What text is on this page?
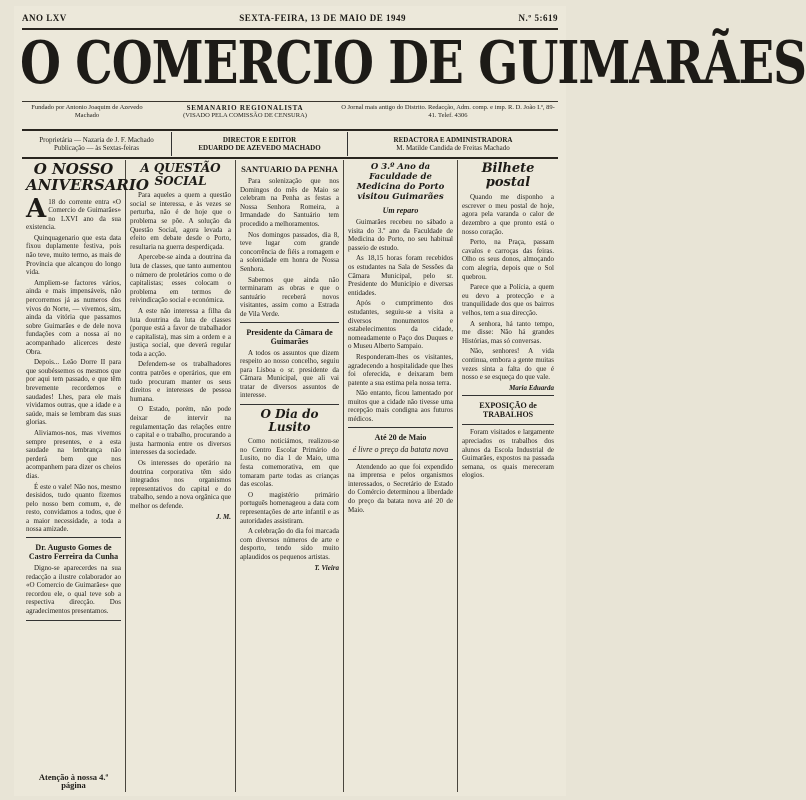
ANO LXV	SEXTA-FEIRA, 13 DE MAIO DE 1949	N.º 5:619
O COMERCIO DE GUIMARÃES
Fundado por Antonio Joaquim de Azevedo Machado
SEMANARIO REGIONALISTA
(VISADO PELA COMISSÃO DE CENSURA)
O Jornal mais antigo do Distrito. Redacção, Adm. comp. e imp. R. D. João I.º, 89-41. Telef. 4306
Proprietária — Nazaria de J. F. Machado
Publicação — às Sextas-feiras
DIRECTOR E EDITOR
EDUARDO DE AZEVEDO MACHADO
REDACTORA E ADMINISTRADORA
M. Matilde Candida de Freitas Machado
O NOSSO ANIVERSARIO

A 18 do corrente entra «O Comercio de Guimarães» no LXVI ano da sua existencia.

Quinquagenario que esta data fixou duplamente festiva, pois não teve, muito termo, as mais de Província que alcançou do longo vida.

Ampliem-se factores vários, ainda e mais impensáveis, não percorremos já as numeros dos vivos do Norte, — vivemos, sim, ainda da vitória que passamos sobre Guimarães e de dele nova fundações com a nossa aí no acompanhado alicerces deste Obra.

Depois... Leão Dorre II para que soubéssemos os mesmos que por aqui tem passado, e que têm brevemente recordemos e saudades! Lhes, para ele mais vividamos outras, que a idade e a saúde, mais se lembram das suas glorias.

Aliviamos-nos, mas vivemos sempre presentes, e a esta saudade na lembrança não perderá bem que nos acompanhem para dizer os cheios dias.

É este o vale! Não nos, mesmo desisidos, tudo quanto fizemos pelo nosso bem comum, e, de resto, convidamos a todos, que é a maior necessidade, a toda a nossa amizade.

Dr. Augusto Gomes de Castro Ferreira da Cunha

Digno-se aparecerdes na sua redacção a ilustre colaborador ao «O Comercio de Guimarães» que recordou ele, o qual teve sob a respectiva direcção. Dos agradecimentos presentamos.

Atenção à nossa 4.ª página
A QUESTÃO SOCIAL

Para aqueles a quem a questão social se interessa, e às vezes se perturba, não é de hoje que o problema se põe. A solução da Questão Social, agora levada a efeito em debate desde o Porto, resultaria na guerra desperdiçada.

Apercebe-se ainda a doutrina da luta de classes, que tanto aumentou o número de proletários como o de capitalistas; esses colocam o problema em termos de reivindicação social e económica.

A este não interessa a filha da luta doutrina da luta de classes (porque está a favor de trabalhador e capitalista), mas sim a ordem e a justiça social, que deverá regular toda a acção.

Defendem-se os trabalhadores contra patrões e operários, que em tudo procuram manter os seus direitos e interesses de pessoa humana.

O Estado, porém, não pode deixar de intervir na regulamentação das relações entre o capital e o trabalho, procurando a justa harmonia entre os diversos interesses da sociedade.

Os interesses do operário na doutrina corporativa têm sido integrados nos organismos representativos do capital e do trabalho, sendo a nova orgânica que melhor os defende.

J. M.
SANTUARIO DA PENHA

Para solenização que nos Domingos do mês de Maio se celebram na Penha as festas a Nossa Senhora Romeira, a Irmandade do Santuário tem procedido a melhoramentos.

Nos domingos passados, dia 8, teve lugar com grande concorrência de fiéis a romagem e a solenidade em honra de Nossa Senhora.

Sabemos que ainda não terminaram as obras e que o santuário receberá novos visitantes, assim como a Estrada de Vila Verde.

Presidente da Câmara de Guimarães

A todos os assuntos que dizem respeito ao nosso concelho, seguiu para Lisboa o sr. presidente da Câmara Municipal, que ali vai tratar de diversos assuntos de interesse.

O Dia do Lusito

Como noticiámos, realizou-se no Centro Escolar Primário do Lusito, no dia 1 de Maio, uma festa comemorativa, em que tomaram parte todas as crianças das escolas.

O magistério primário português homenageou a data com representações de arte infantil e as autoridades assistiram.

A celebração do dia foi marcada com diversos números de arte e desporto, tendo sido muito aplaudidos os pequenos artistas.

T. Vieira
O 3.º Ano da Faculdade de Medicina do Porto visitou Guimarães
Um reparo

Guimarães recebeu no sábado a visita do 3.º ano da Faculdade de Medicina do Porto, no seu habitual passeio de estudo.

As 18,15 horas foram recebidos os estudantes na Sala de Sessões da Câmara Municipal, pelo sr. Presidente do Município e diversas entidades.

Após o cumprimento dos estudantes, seguiu-se a visita a diversos monumentos e estabelecimentos da cidade, nomeadamente o Paço dos Duques e o Museu Alberto Sampaio.

Responderam-lhes os visitantes, agradecendo a hospitalidade que lhes foi oferecida, e deixaram bem patente a sua estima pela nossa terra.

Não entanto, ficou lamentado por muitos que a cidade não tivesse uma recepção mais condigna aos futuros médicos.

Até 20 de Maio
é livre o preço da batata nova

Atendendo ao que foi expendido na imprensa e pelos organismos interessados, o Secretário de Estado do Comércio determinou a liberdade do preço da batata nova até 20 de Maio.

Bilhete postal

Quando me disponho a escrever o meu postal de hoje, agora pela varanda o calor de dezembro a que pronto está o nosso coração.

Perto, na Praça, passam cavalos e carroças das feiras. Olho os seus donos, almoçando com alegria, depois que o Sol quebrou.

Parece que a Polícia, a quem eu devo a protecção e a tranquilidade dos que os bairros velhos, tem a sua direcção.

A senhora, há tanto tempo, me disse: Não há grandes Histórias, mas só conversas.

Não, senhores! A vida continua, embora a gente muitas vezes sinta a falta do que é nosso e se esqueça do que vale.

Maria Eduarda
EXPOSIÇÃO de TRABALHOS

Foram visitados e largamente apreciados os trabalhos dos alunos da Escola Industrial de Guimarães, expostos na passada semana, os quais mereceram elogios.
